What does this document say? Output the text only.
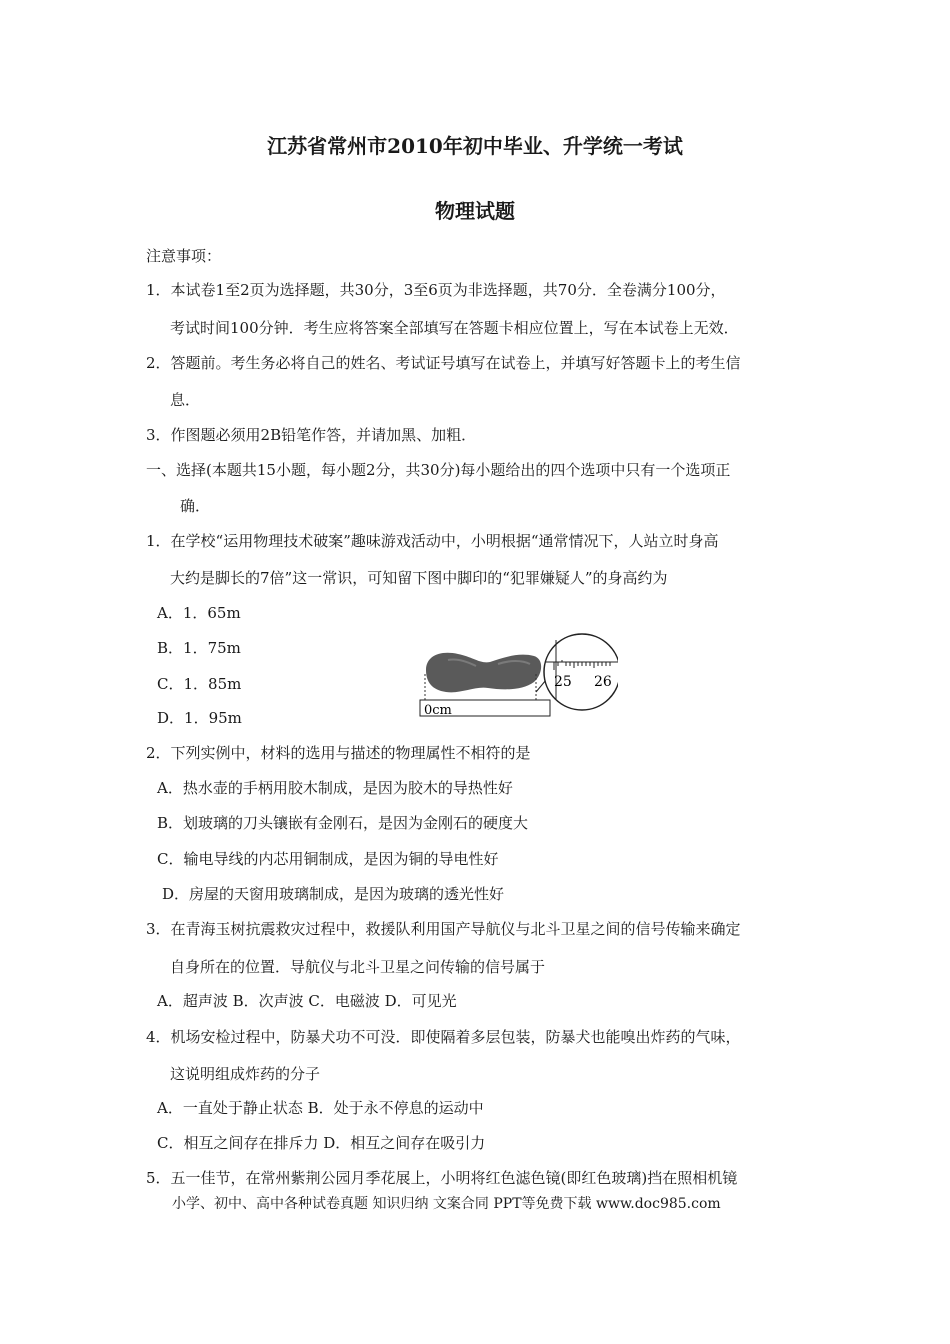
江苏省常州市2010年初中毕业、升学统一考试
物理试题
注意事项：
1．本试卷1至2页为选择题，共30分，3至6页为非选择题，共70分．全卷满分100分，
考试时间100分钟．考生应将答案全部填写在答题卡相应位置上，写在本试卷上无效．
2．答题前。考生务必将自己的姓名、考试证号填写在试卷上，并填写好答题卡上的考生信
息．
3．作图题必须用2B铅笔作答，并请加黑、加粗．
一、选择(本题共15小题，每小题2分，共30分)每小题给出的四个选项中只有一个选项正
确．
1．在学校“运用物理技术破案”趣味游戏活动中，小明根据“通常情况下，人站立时身高
大约是脚长的7倍”这一常识，可知留下图中脚印的“犯罪嫌疑人”的身高约为
A．1．65m
B．1．75m
C．1．85m
D．1．95m	0cm
25 26
2．下列实例中，材料的选用与描述的物理属性不相符的是
A．热水壶的手柄用胶木制成，是因为胶木的导热性好
B．划玻璃的刀头镶嵌有金刚石，是因为金刚石的硬度大
C．输电导线的内芯用铜制成，是因为铜的导电性好
D．房屋的天窗用玻璃制成，是因为玻璃的透光性好
3．在青海玉树抗震救灾过程中，救援队利用国产导航仪与北斗卫星之间的信号传输来确定
自身所在的位置．导航仪与北斗卫星之问传输的信号属于
A．超声波 B．次声波 C．电磁波 D．可见光
4．机场安检过程中，防暴犬功不可没．即使隔着多层包装，防暴犬也能嗅出炸药的气味，
这说明组成炸药的分子
A．一直处于静止状态 B．处于永不停息的运动中
C．相互之间存在排斥力 D．相互之间存在吸引力
5．五一佳节，在常州紫荆公园月季花展上，小明将红色滤色镜(即红色玻璃)挡在照相机镜
小学、初中、高中各种试卷真题 知识归纳 文案合同 PPT等免费下载 www.doc985.com
